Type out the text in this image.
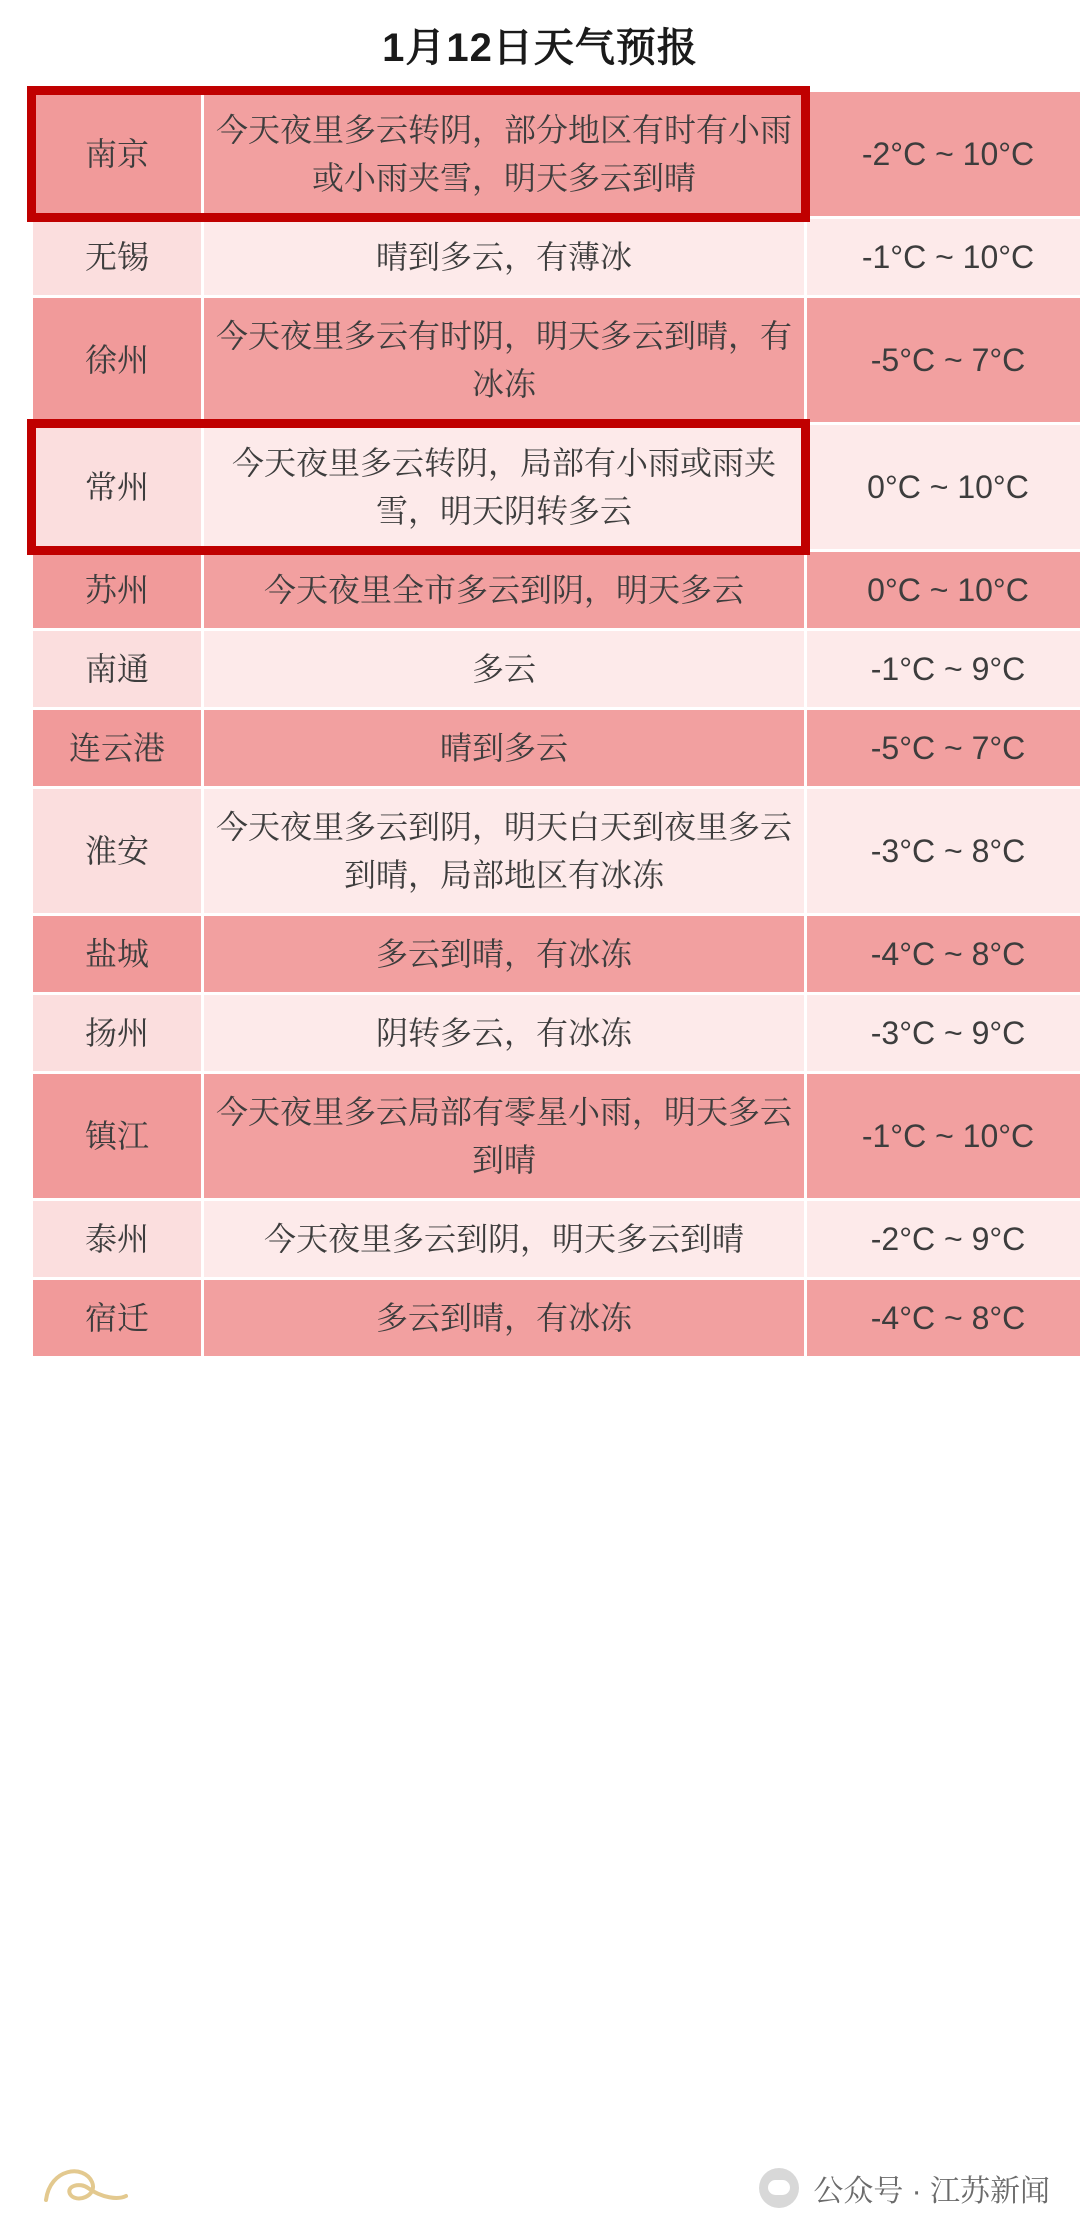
1月12日天气预报
南京	今天夜里多云转阴，部分地区有时有小雨或小雨夹雪，明天多云到晴	-2°C ~ 10°C
无锡	晴到多云，有薄冰	-1°C ~ 10°C
徐州	今天夜里多云有时阴，明天多云到晴，有冰冻	-5°C ~ 7°C
常州	今天夜里多云转阴，局部有小雨或雨夹雪，明天阴转多云	0°C ~ 10°C
苏州	今天夜里全市多云到阴，明天多云	0°C ~ 10°C
南通	多云	-1°C ~ 9°C
连云港	晴到多云	-5°C ~ 7°C
淮安	今天夜里多云到阴，明天白天到夜里多云到晴，局部地区有冰冻	-3°C ~ 8°C
盐城	多云到晴，有冰冻	-4°C ~ 8°C
扬州	阴转多云，有冰冻	-3°C ~ 9°C
镇江	今天夜里多云局部有零星小雨，明天多云到晴	-1°C ~ 10°C
泰州	今天夜里多云到阴，明天多云到晴	-2°C ~ 9°C
宿迁	多云到晴，有冰冻	-4°C ~ 8°C
公众号 · 江苏新闻
